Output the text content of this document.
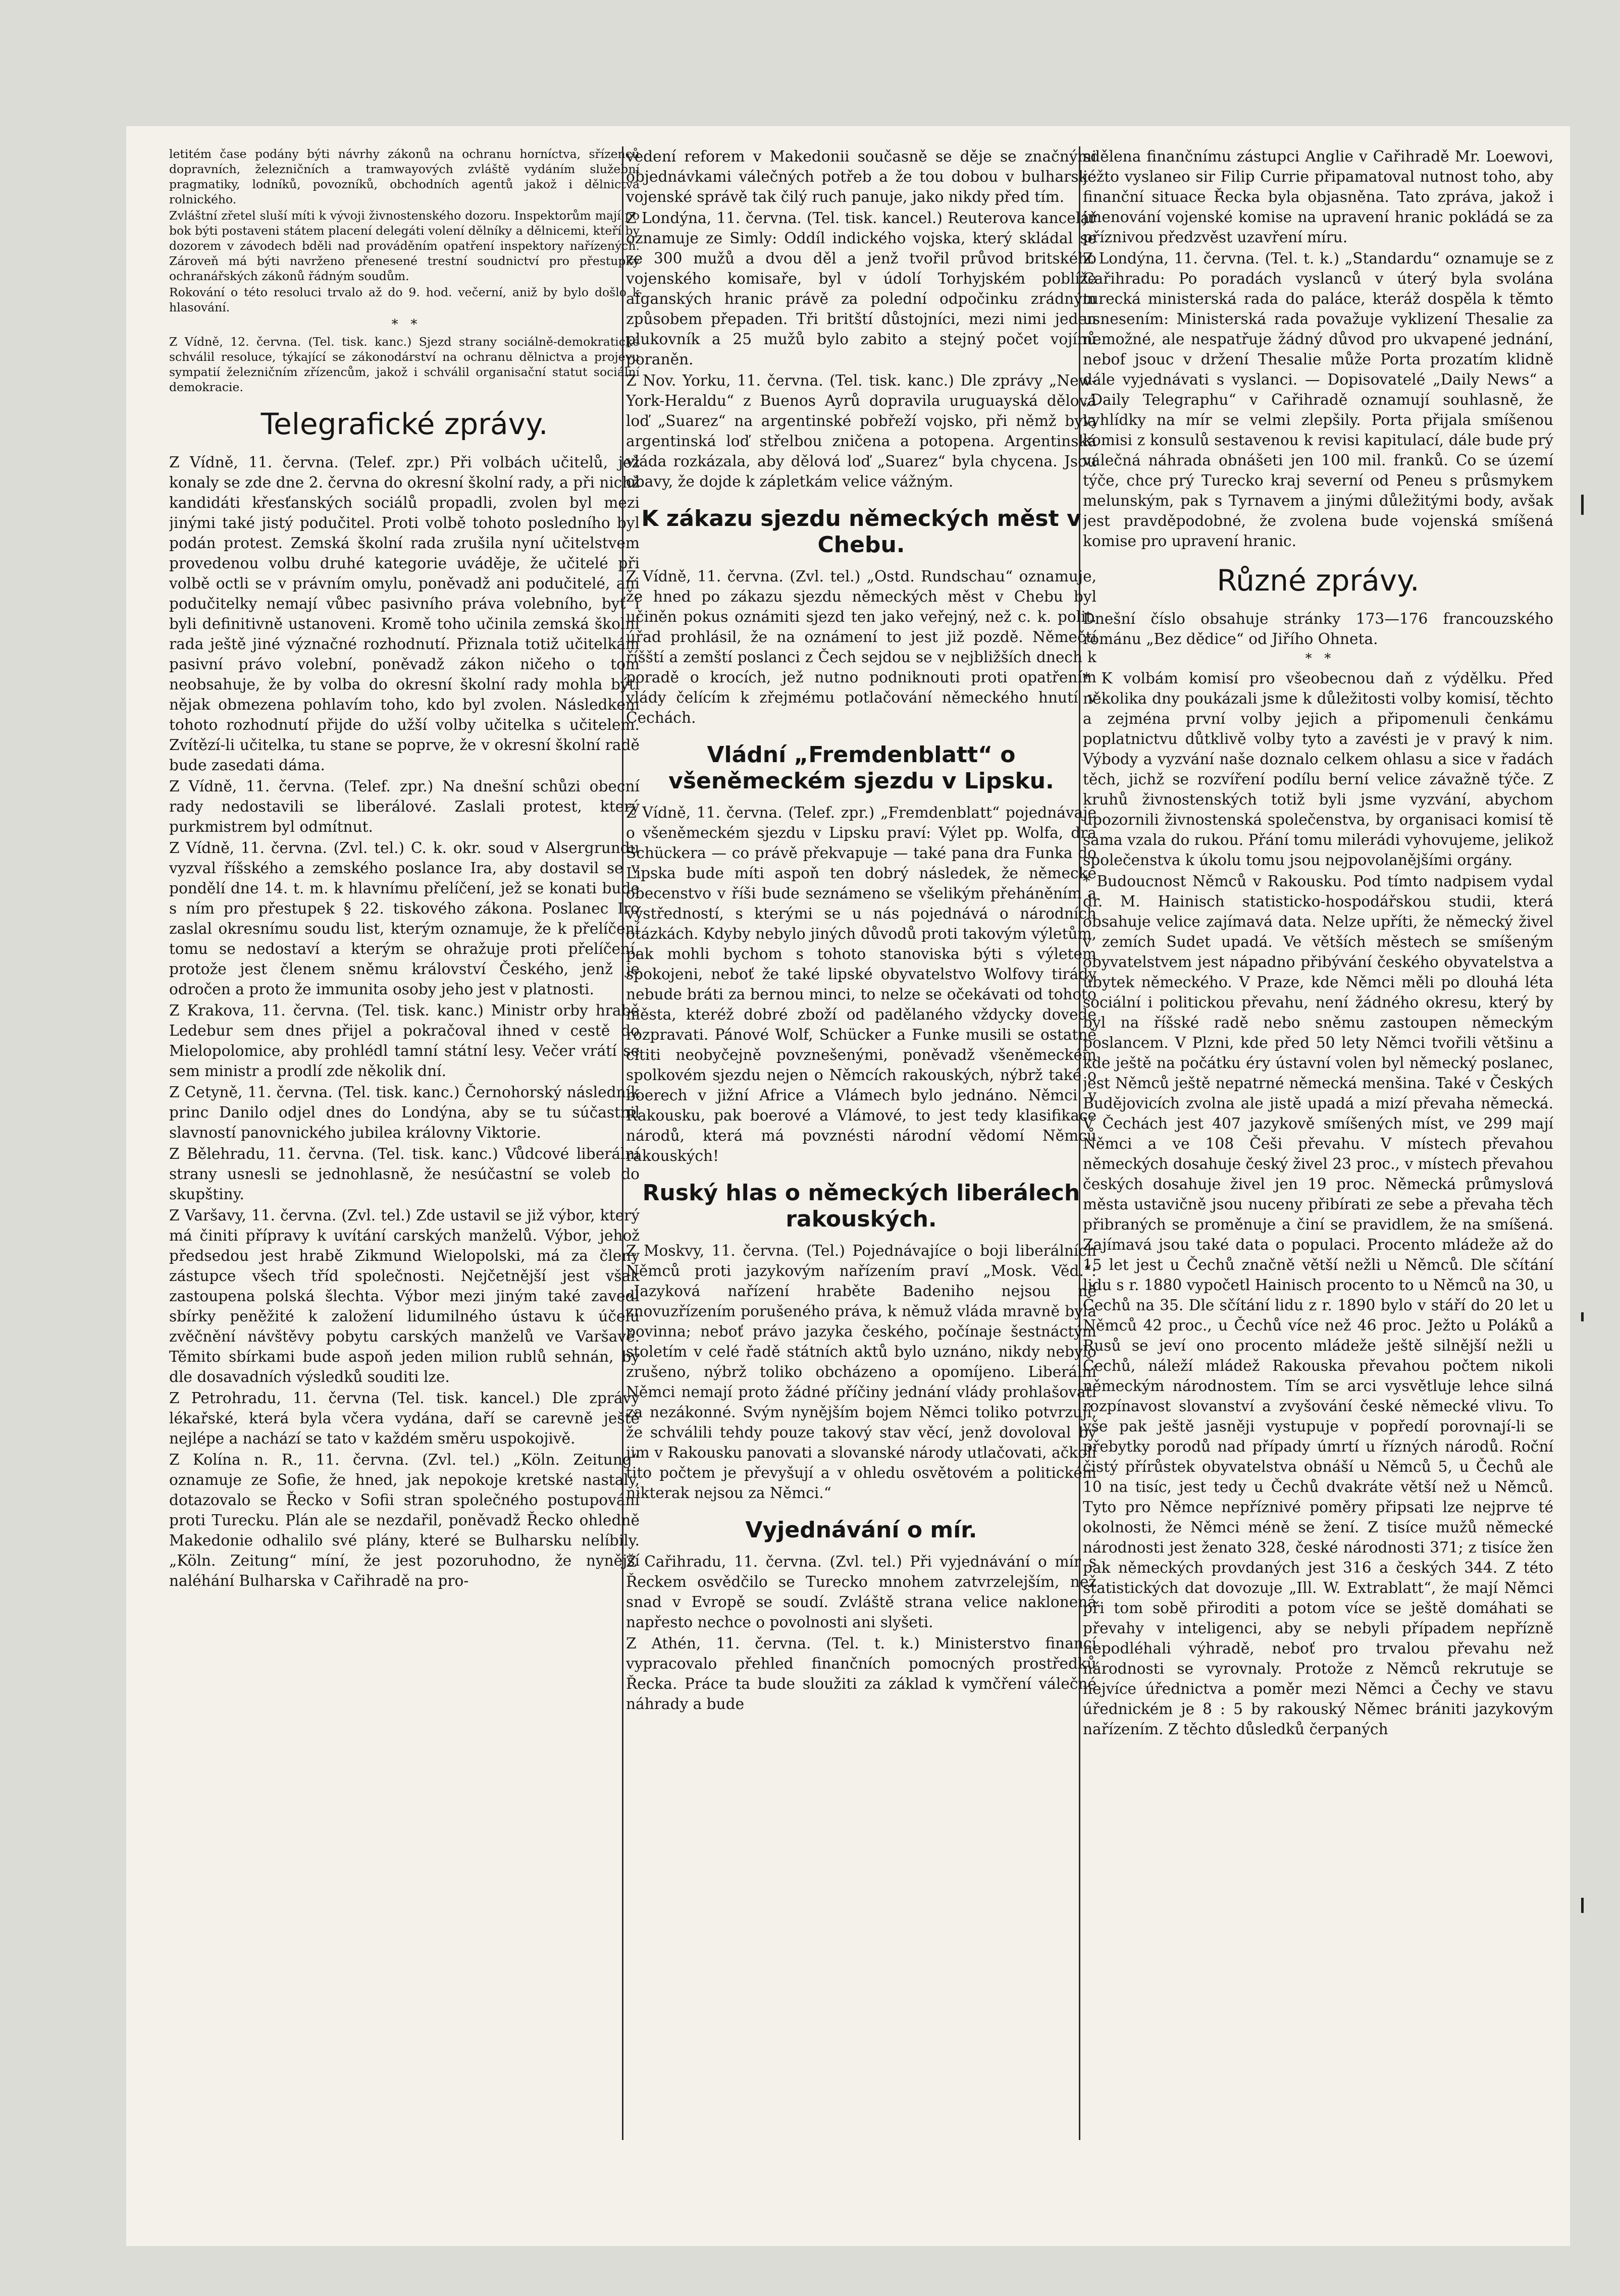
letitém čase podány býti návrhy zákonů na ochranu horníctva, sřízenců dopravních, železničních a tramwayových zvláště vydáním služební pragmatiky, lodníků, povozníků, obchodních agentů jakož i dělnictva rolnického.

Zvláštní zřetel sluší míti k vývoji živnostenského dozoru. Inspektorům mají po bok býti postaveni státem placení delegáti volení dělníky a dělnicemi, kteří by dozorem v závodech bděli nad prováděním opatření inspektory nařízených. Zároveň má býti navrženo přenesené trestní soudnictví pro přestupky ochranářských zákonů řádným soudům.

Rokování o této resoluci trvalo až do 9. hod. večerní, aniž by bylo došlo k hlasování.

*   *

Z Vídně, 12. června. (Tel. tisk. kanc.) Sjezd strany sociálně-demokratické schválil resoluce, týkající se zákonodárství na ochranu dělnictva a projevu sympatií železničním zřízencům, jakož i schválil organisační statut sociální demokracie.

Telegrafické zprávy.

Z Vídně, 11. června. (Telef. zpr.) Při volbách učitelů, jež konaly se zde dne 2. června do okresní školní rady, a při nichž kandidáti křesťanských sociálů propadli, zvolen byl mezi jinými také jistý podučitel. Proti volbě tohoto posledního byl podán protest. Zemská školní rada zrušila nyní učitelstvem provedenou volbu druhé kategorie uváděje, že učitelé při volbě octli se v právním omylu, poněvadž ani podučitelé, ani podučitelky nemají vůbec pasivního práva volebního, byť i byli definitivně ustanoveni. Kromě toho učinila zemská školní rada ještě jiné význačné rozhodnutí. Přiznala totiž učitelkám pasivní právo volební, poněvadž zákon ničeho o tom neobsahuje, že by volba do okresní školní rady mohla býti nějak obmezena pohlavím toho, kdo byl zvolen. Následkem tohoto rozhodnutí přijde do užší volby učitelka s učitelem. Zvítězí-li učitelka, tu stane se poprve, že v okresní školní radě bude zasedati dáma.

Z Vídně, 11. června. (Telef. zpr.) Na dnešní schůzi obecní rady nedostavili se liberálové. Zaslali protest, který purkmistrem byl odmítnut.

Z Vídně, 11. června. (Zvl. tel.) C. k. okr. soud v Alsergrundu vyzval říšského a zemského poslance Ira, aby dostavil se v pondělí dne 14. t. m. k hlavnímu přelíčení, jež se konati bude s ním pro přestupek § 22. tiskového zákona. Poslanec Iro zaslal okresnímu soudu list, kterým oznamuje, že k přelíčení tomu se nedostaví a kterým se ohražuje proti přelíčení, protože jest členem sněmu království Českého, jenž je odročen a proto že immunita osoby jeho jest v platnosti.

Z Krakova, 11. června. (Tel. tisk. kanc.) Ministr orby hrabě Ledebur sem dnes přijel a pokračoval ihned v cestě do Mielopolomice, aby prohlédl tamní státní lesy. Večer vrátí se sem ministr a prodlí zde několik dní.

Z Cetyně, 11. června. (Tel. tisk. kanc.) Černohorský následník princ Danilo odjel dnes do Londýna, aby se tu súčastnil slavností panovnického jubilea královny Viktorie.

Z Bělehradu, 11. června. (Tel. tisk. kanc.) Vůdcové liberální strany usnesli se jednohlasně, že nesúčastní se voleb do skupštiny.

Z Varšavy, 11. června. (Zvl. tel.) Zde ustavil se již výbor, který má činiti přípravy k uvítání carských manželů. Výbor, jehož předsedou jest hrabě Zikmund Wielopolski, má za členy zástupce všech tříd společnosti. Nejčetnější jest však zastoupena polská šlechta. Výbor mezi jiným také zavedl sbírky peněžité k založení lidumilného ústavu k účelu zvěčnění návštěvy pobytu carských manželů ve Varšavě. Těmito sbírkami bude aspoň jeden milion rublů sehnán, by dle dosavadních výsledků souditi lze.

Z Petrohradu, 11. června (Tel. tisk. kancel.) Dle zprávy lékařské, která byla včera vydána, daří se carevně ještě nejlépe a nachází se tato v každém směru uspokojivě.

Z Kolína n. R., 11. června. (Zvl. tel.) „Köln. Zeitung“ oznamuje ze Sofie, že hned, jak nepokoje kretské nastaly, dotazovalo se Řecko v Sofii stran společného postupování proti Turecku. Plán ale se nezdařil, poněvadž Řecko ohledně Makedonie odhalilo své plány, které se Bulharsku nelíbily. „Köln. Zeitung“ míní, že jest pozoruhodno, že nynější naléhání Bulharska v Cařihradě na pro-

vedení reforem v Makedonii současně se děje se značnými objednávkami válečných potřeb a že tou dobou v bulharské vojenské správě tak čilý ruch panuje, jako nikdy před tím.

Z Londýna, 11. června. (Tel. tisk. kancel.) Reuterova kancelář oznamuje ze Simly: Oddíl indického vojska, který skládal se ze 300 mužů a dvou děl a jenž tvořil průvod britského vojenského komisaře, byl v údolí Torhyjském poblíže afganských hranic právě za polední odpočinku zrádným způsobem přepaden. Tři britští důstojníci, mezi nimi jeden plukovník a 25 mužů bylo zabito a stejný počet vojínů poraněn.

Z Nov. Yorku, 11. června. (Tel. tisk. kanc.) Dle zprávy „New-York-Heraldu“ z Buenos Ayrů dopravila uruguayská dělová loď „Suarez“ na argentinské pobřeží vojsko, při němž byla argentinská loď střelbou zničena a potopena. Argentinská vláda rozkázala, aby dělová loď „Suarez“ byla chycena. Jsou obavy, že dojde k zápletkám velice vážným.

K zákazu sjezdu německých měst v Chebu.

Z Vídně, 11. června. (Zvl. tel.) „Ostd. Rundschau“ oznamuje, že hned po zákazu sjezdu německých měst v Chebu byl učiněn pokus oznámiti sjezd ten jako veřejný, než c. k. polit. úřad prohlásil, že na oznámení to jest již pozdě. Němečtí říšští a zemští poslanci z Čech sejdou se v nejbližších dnech k poradě o krocích, jež nutno podniknouti proti opatřením vlády čelícím k zřejmému potlačování německého hnutí v Čechách.

Vládní „Fremdenblatt“ o všeněmeckém sjezdu v Lipsku.

Z Vídně, 11. června. (Telef. zpr.) „Fremdenblatt“ pojednávaje o všeněmeckém sjezdu v Lipsku praví: Výlet pp. Wolfa, dra Schückera — co právě překvapuje — také pana dra Funka do Lipska bude míti aspoň ten dobrý následek, že německé obecenstvo v říši bude seznámeno se všelikým přeháněním a výstředností, s kterými se u nás pojednává o národních otázkách. Kdyby nebylo jiných důvodů proti takovým výletům, pak mohli bychom s tohoto stanoviska býti s výletem spokojeni, neboť že také lipské obyvatelstvo Wolfovy tirády nebude bráti za bernou minci, to nelze se očekávati od tohoto města, kteréž dobré zboží od padělaného vždycky dovede rozpravati. Pánové Wolf, Schücker a Funke musili se ostatně cítiti neobyčejně povznešenými, poněvadž všeněmeckém spolkovém sjezdu nejen o Němcích rakouských, nýbrž také o boerech v jižní Africe a Vlámech bylo jednáno. Němci v Rakousku, pak boerové a Vlámové, to jest tedy klasifikace národů, která má povznésti národní vědomí Němců rakouských!

Ruský hlas o německých liberálech rakouských.

Z Moskvy, 11. června. (Tel.) Pojednávajíce o boji liberálních Němců proti jazykovým nařízením praví „Mosk. Věd.“: „Jazyková nařízení hraběte Badeniho nejsou ně znovuzřízením porušeného práva, k němuž vláda mravně byla povinna; neboť právo jazyka českého, počínaje šestnáctým stoletím v celé řadě státních aktů bylo uznáno, nikdy nebylo zrušeno, nýbrž toliko obcházeno a opomíjeno. Liberální Němci nemají proto žádné příčiny jednání vlády prohlašovati za nezákonné. Svým nynějším bojem Němci toliko potvrzují, že schválili tehdy pouze takový stav věcí, jenž dovoloval by jim v Rakousku panovati a slovanské národy utlačovati, ačkoli tito počtem je převyšují a v ohledu osvětovém a politickém nikterak nejsou za Němci.“

Vyjednávání o mír.

Z Cařihradu, 11. června. (Zvl. tel.) Při vyjednávání o mír s Řeckem osvědčilo se Turecko mnohem zatvrzelejším, než snad v Evropě se soudí. Zvláště strana velice naklonená napřesto nechce o povolnosti ani slyšeti.

Z Athén, 11. června. (Tel. t. k.) Ministerstvo financí vypracovalo přehled finančních pomocných prostředků Řecka. Práce ta bude sloužiti za základ k vymčření válečné náhrady a bude

sdělena finančnímu zástupci Anglie v Cařihradě Mr. Loewovi, ježto vyslaneo sir Filip Currie připamatoval nutnost toho, aby finanční situace Řecka byla objasněna. Tato zpráva, jakož i jmenování vojenské komise na upravení hranic pokládá se za příznivou předzvěst uzavření míru.

Z Londýna, 11. června. (Tel. t. k.) „Standardu“ oznamuje se z Cařihradu: Po poradách vyslanců v úterý byla svolána turecká ministerská rada do paláce, kteráž dospěla k těmto usnesením: Ministerská rada považuje vyklizení Thesalie za nemožné, ale nespatřuje žádný důvod pro ukvapené jednání, nebof jsouc v držení Thesalie může Porta prozatím klidně dále vyjednávati s vyslanci. — Dopisovatelé „Daily News“ a „Daily Telegraphu“ v Cařihradě oznamují souhlasně, že vyhlídky na mír se velmi zlepšily. Porta přijala smíšenou komisi z konsulů sestavenou k revisi kapitulací, dále bude prý válečná náhrada obnášeti jen 100 mil. franků. Co se území týče, chce prý Turecko kraj severní od Peneu s průsmykem melunským, pak s Tyrnavem a jinými důležitými body, avšak jest pravděpodobné, že zvolena bude vojenská smíšená komise pro upravení hranic.

Různé zprávy.

Dnešní číslo obsahuje stránky 173—176 francouzského románu „Bez dědice“ od Jiřího Ohneta.

*   *

* K volbám komisí pro všeobecnou daň z výdělku. Před několika dny poukázali jsme k důležitosti volby komisí, těchto a zejména první volby jejich a připomenuli čenkámu poplatnictvu důtklivě volby tyto a zavésti je v pravý k nim. Výbody a vyzvání naše doznalo celkem ohlasu a sice v řadách těch, jichž se rozvíření podílu berní velice závažně týče. Z kruhů živnostenských totiž byli jsme vyzvání, abychom upozornili živnostenská společenstva, by organisaci komisí tě sama vzala do rukou. Přání tomu milerádi vyhovujeme, jelikož společenstva k úkolu tomu jsou nejpovolanějšími orgány.

* Budoucnost Němců v Rakousku. Pod tímto nadpisem vydal dr. M. Hainisch statisticko-hospodářskou studii, která obsahuje velice zajímavá data. Nelze upříti, že německý živel v zemích Sudet upadá. Ve větších městech se smíšeným obyvatelstvem jest nápadno přibývání českého obyvatelstva a úbytek německého. V Praze, kde Němci měli po dlouhá léta sociální i politickou převahu, není žádného okresu, který by byl na říšské radě nebo sněmu zastoupen německým poslancem. V Plzni, kde před 50 lety Němci tvořili většinu a kde ještě na počátku éry ústavní volen byl německý poslanec, jest Němců ještě nepatrné německá menšina. Také v Českých Budějovicích zvolna ale jistě upadá a mizí převaha německá. V Čechách jest 407 jazykově smíšených míst, ve 299 mají Němci a ve 108 Češi převahu. V místech převahou německých dosahuje český živel 23 proc., v místech převahou českých dosahuje živel jen 19 proc. Německá průmyslová města ustavičně jsou nuceny přibírati ze sebe a převaha těch přibraných se proměnuje a činí se pravidlem, že na smíšená. Zajímavá jsou také data o populaci. Procento mládeže až do 15 let jest u Čechů značně větší nežli u Němců. Dle sčítání lidu s r. 1880 vypočetl Hainisch procento to u Němců na 30, u Čechů na 35. Dle sčítání lidu z r. 1890 bylo v stáří do 20 let u Němců 42 proc., u Čechů více než 46 proc. Ježto u Poláků a Rusů se jeví ono procento mládeže ještě silnější nežli u Čechů, náleží mládež Rakouska převahou počtem nikoli německým národnostem. Tím se arci vysvětluje lehce silná rozpínavost slovanství a zvyšování české německé vlivu. To vše pak ještě jasněji vystupuje v popředí porovnají-li se přebytky porodů nad případy úmrtí u řízných národů. Roční čistý přírůstek obyvatelstva obnáší u Němců 5, u Čechů ale 10 na tisíc, jest tedy u Čechů dvakráte větší než u Němců. Tyto pro Němce nepříznivé poměry připsati lze nejprve té okolnosti, že Němci méně se žení. Z tisíce mužů německé národnosti jest ženato 328, české národnosti 371; z tisíce žen pak německých provdaných jest 316 a českých 344. Z této statistických dat dovozuje „Ill. W. Extrablatt“, že mají Němci při tom sobě přiroditi a potom více se ještě domáhati se převahy v inteligenci, aby se nebyli případem nepřízně nepodléhali výhradě, neboť pro trvalou převahu než národnosti se vyrovnaly. Protože z Němců rekrutuje se nejvíce úřednictva a poměr mezi Němci a Čechy ve stavu úřednickém je 8 : 5 by rakouský Němec brániti jazykovým nařízením. Z těchto důsledků čerpaných
